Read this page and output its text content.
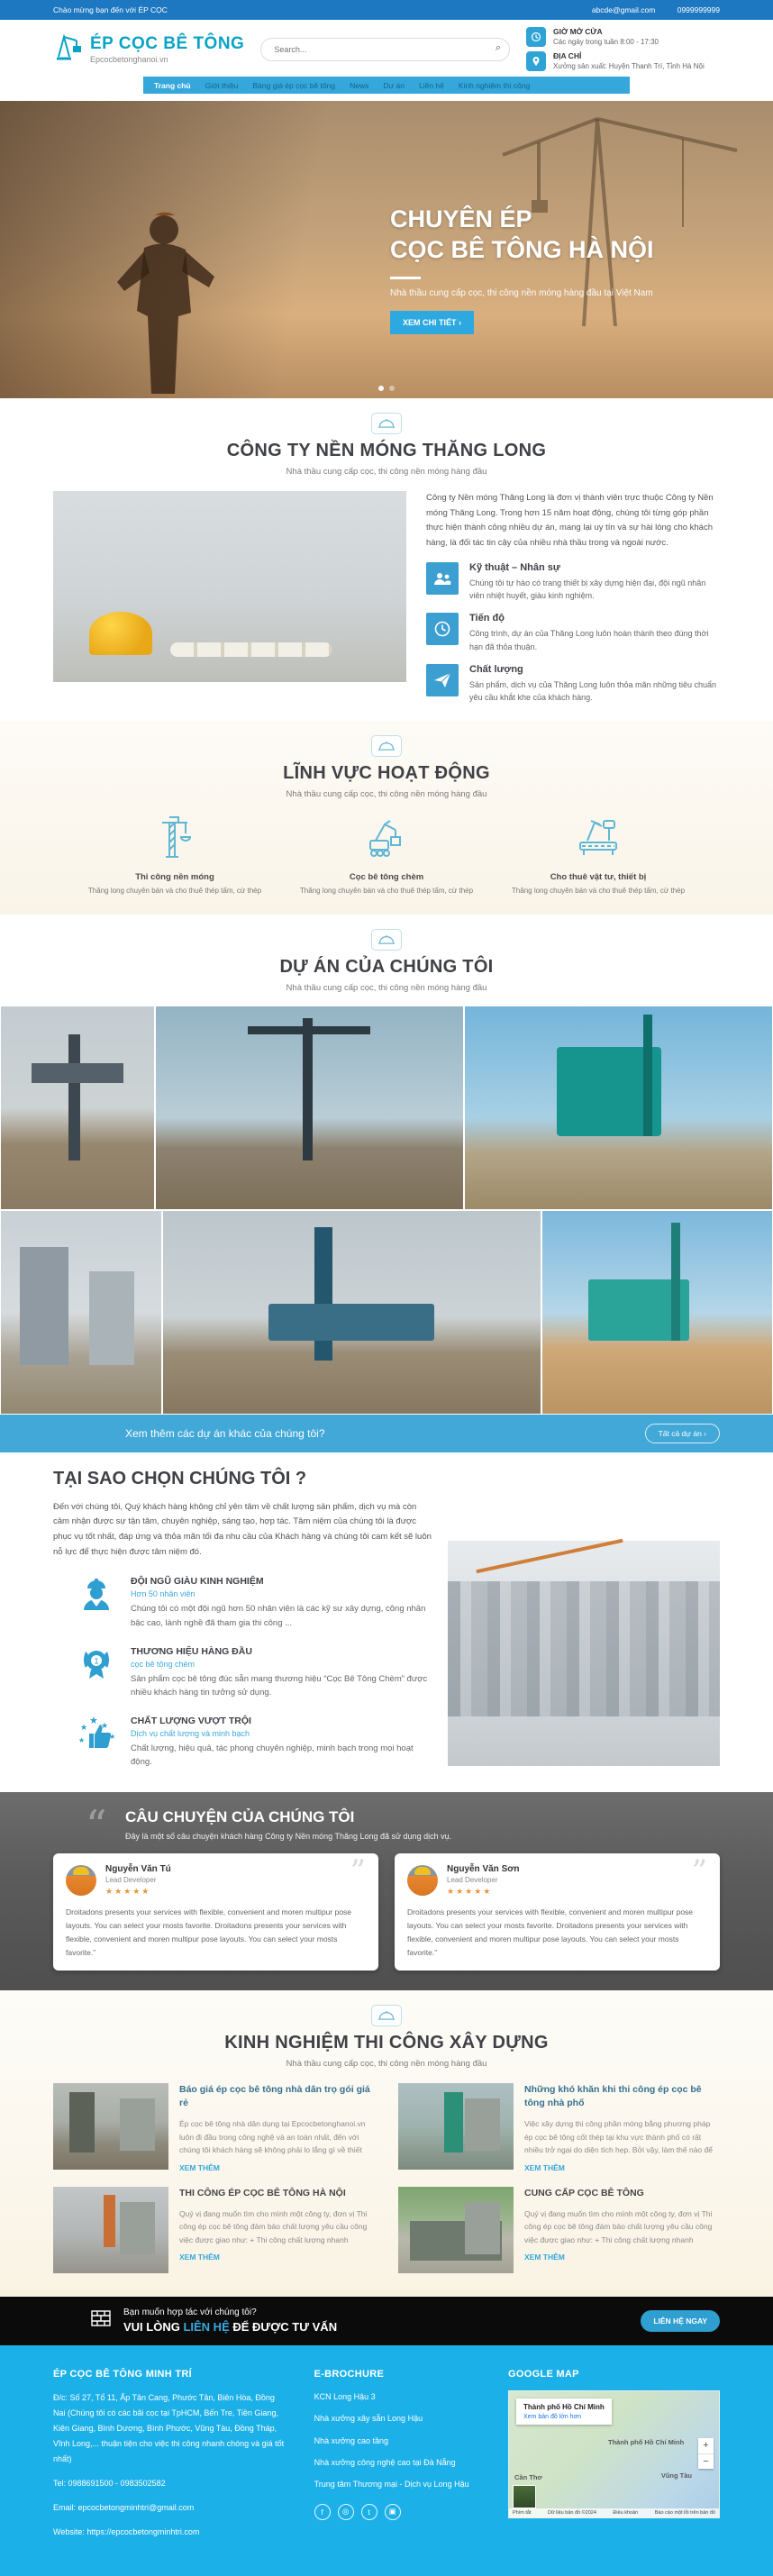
Chào mừng bạn đến với ÉP CỌC	abcde@gmail.com	0999999999
ÉP CỌC BÊ TÔNG
Epcocbetonghanoi.vn
Search...
⌕
GIỜ MỞ CỬA
Các ngày trong tuần 8:00 - 17:30
ĐỊA CHỈ
Xưởng sản xuất: Huyện Thanh Trì, Tỉnh Hà Nội
Trang chủ Giới thiệu Bảng giá ép cọc bê tông News Dự án Liên hệ Kinh nghiệm thi công
CHUYÊN ÉP
CỌC BÊ TÔNG HÀ NỘI
Nhà thầu cung cấp cọc, thi công nền móng hàng đầu tại Việt Nam
XEM CHI TIẾT ›
CÔNG TY NỀN MÓNG THĂNG LONG
Nhà thầu cung cấp cọc, thi công nền móng hàng đầu

Công ty Nền móng Thăng Long là đơn vị thành viên trực thuộc Công ty Nền móng Thăng Long. Trong hơn 15 năm hoạt động, chúng tôi từng góp phần thực hiện thành công nhiều dự án, mang lại uy tín và sự hài lòng cho khách hàng, là đối tác tin cậy của nhiều nhà thầu trong và ngoài nước.

Kỹ thuật – Nhân sự

Chúng tôi tự hào có trang thiết bị xây dựng hiện đại, đội ngũ nhân viên nhiệt huyết, giàu kinh nghiệm.

Tiến độ

Công trình, dự án của Thăng Long luôn hoàn thành theo đúng thời hạn đã thỏa thuận.

Chất lượng

Sản phẩm, dịch vụ của Thăng Long luôn thỏa mãn những tiêu chuẩn yêu cầu khắt khe của khách hàng.

LĨNH VỰC HOẠT ĐỘNG
Nhà thầu cung cấp cọc, thi công nền móng hàng đầu
Thi công nền móng

Thăng long chuyên bán và cho thuê thép tấm, cừ thép

Cọc bê tông chèm

Thăng long chuyên bán và cho thuê thép tấm, cừ thép

Cho thuê vật tư, thiết bị

Thăng long chuyên bán và cho thuê thép tấm, cừ thép

DỰ ÁN CỦA CHÚNG TÔI
Nhà thầu cung cấp cọc, thi công nền móng hàng đầu
Xem thêm các dự án khác của chúng tôi?	Tất cả dự án ›
TẠI SAO CHỌN CHÚNG TÔI ?

Đến với chúng tôi, Quý khách hàng không chỉ yên tâm về chất lượng sản phẩm, dịch vụ mà còn cảm nhận được sự tận tâm, chuyên nghiệp, sáng tạo, hợp tác. Tâm niệm của chúng tôi là được phục vụ tốt nhất, đáp ứng và thỏa mãn tối đa nhu cầu của Khách hàng và chúng tôi cam kết sẽ luôn nỗ lực để thực hiện được tâm niệm đó.

ĐỘI NGŨ GIÀU KINH NGHIỆM
Hơn 50 nhân viên

Chúng tôi có một đội ngũ hơn 50 nhân viên là các kỹ sư xây dựng, công nhân bậc cao, lành nghề đã tham gia thi công ...

1
THƯƠNG HIỆU HÀNG ĐẦU
cọc bê tông chèm

Sản phẩm cọc bê tông đúc sẵn mang thương hiệu “Cọc Bê Tông Chèm” được nhiều khách hàng tin tưởng sử dụng.

★
★ ★
★	★
CHẤT LƯỢNG VƯỢT TRỘI
Dịch vụ chất lượng và minh bạch

Chất lượng, hiệu quả, tác phong chuyên nghiệp, minh bạch trong mọi hoạt động.

“	CÂU CHUYỆN CỦA CHÚNG TÔI
Đây là một số câu chuyện khách hàng Công ty Nền móng Thăng Long đã sử dụng dịch vụ.
”
Nguyễn Văn Tú
Lead Developer
★★★★★

Droitadons presents your services with flexible, convenient and moren multipur pose layouts. You can select your mosts favorite. Droitadons presents your services with flexible, convenient and moren multipur pose layouts. You can select your mosts favorite.”

”
Nguyễn Văn Sơn
Lead Developer
★★★★★

Droitadons presents your services with flexible, convenient and moren multipur pose layouts. You can select your mosts favorite. Droitadons presents your services with flexible, convenient and moren multipur pose layouts. You can select your mosts favorite.”

KINH NGHIỆM THI CÔNG XÂY DỰNG
Nhà thầu cung cấp cọc, thi công nền móng hàng đầu
Báo giá ép cọc bê tông nhà dân trọ gói giá rẻ

Ép cọc bê tông nhà dân dụng tại Epcocbetonghanoi.vn luôn đi đầu trong công nghệ và an toàn nhất, đến với chúng tôi khách hàng sẽ không phải lo lắng gì về thiết

XEM THÊM
Những khó khăn khi thi công ép cọc bê tông nhà phố

Việc xây dựng thi công phần móng bằng phương pháp ép cọc bê tông cốt thép tại khu vực thành phố có rất nhiều trở ngại do diện tích hẹp. Bởi vậy, làm thế nào để

XEM THÊM
THI CÔNG ÉP CỌC BÊ TÔNG HÀ NỘI

Quý vị đang muốn tìm cho mình một công ty, đơn vị Thi công ép cọc bê tông đảm bảo chất lượng yêu cầu công việc được giao như: + Thi công chất lượng nhanh

XEM THÊM
CUNG CẤP CỌC BÊ TÔNG

Quý vị đang muốn tìm cho mình một công ty, đơn vị Thi công ép cọc bê tông đảm bảo chất lượng yêu cầu công việc được giao như: + Thi công chất lượng nhanh

XEM THÊM
Bạn muốn hợp tác với chúng tôi?
VUI LÒNG LIÊN HỆ ĐỂ ĐƯỢC TƯ VẤN	LIÊN HỆ NGAY
ÉP CỌC BÊ TÔNG MINH TRÍ

Đ/c: Số 27, Tổ 11, Ấp Tân Cang, Phước Tân, Biên Hòa, Đồng Nai (Chúng tôi có các bãi cọc tại TpHCM, Bến Tre, Tiền Giang, Kiên Giang, Bình Dương, Bình Phước, Vũng Tàu, Đồng Tháp, Vĩnh Long,... thuận tiện cho việc thi công nhanh chóng và giá tốt nhất)

Tel: 0988691500 - 0983502582

Email: epcocbetongminhtri@gmail.com

Website: https://epcocbetongminhtri.com

E-BROCHURE
KCN Long Hậu 3
Nhà xưởng xây sẵn Long Hậu
Nhà xưởng cao tầng
Nhà xưởng công nghệ cao tại Đà Nẵng
Trung tâm Thương mại - Dịch vụ Long Hậu
f	◎	t	▣
GOOGLE MAP
Thành phố Hồ Chí Minh
Vũng Tàu
Cần Thơ
Thành phố Hồ Chí Minh
Xem bản đồ lớn hơn
+
−
Phím tắt	Dữ liệu bản đồ ©2024	Điều khoản	Báo cáo một lỗi trên bản đồ
